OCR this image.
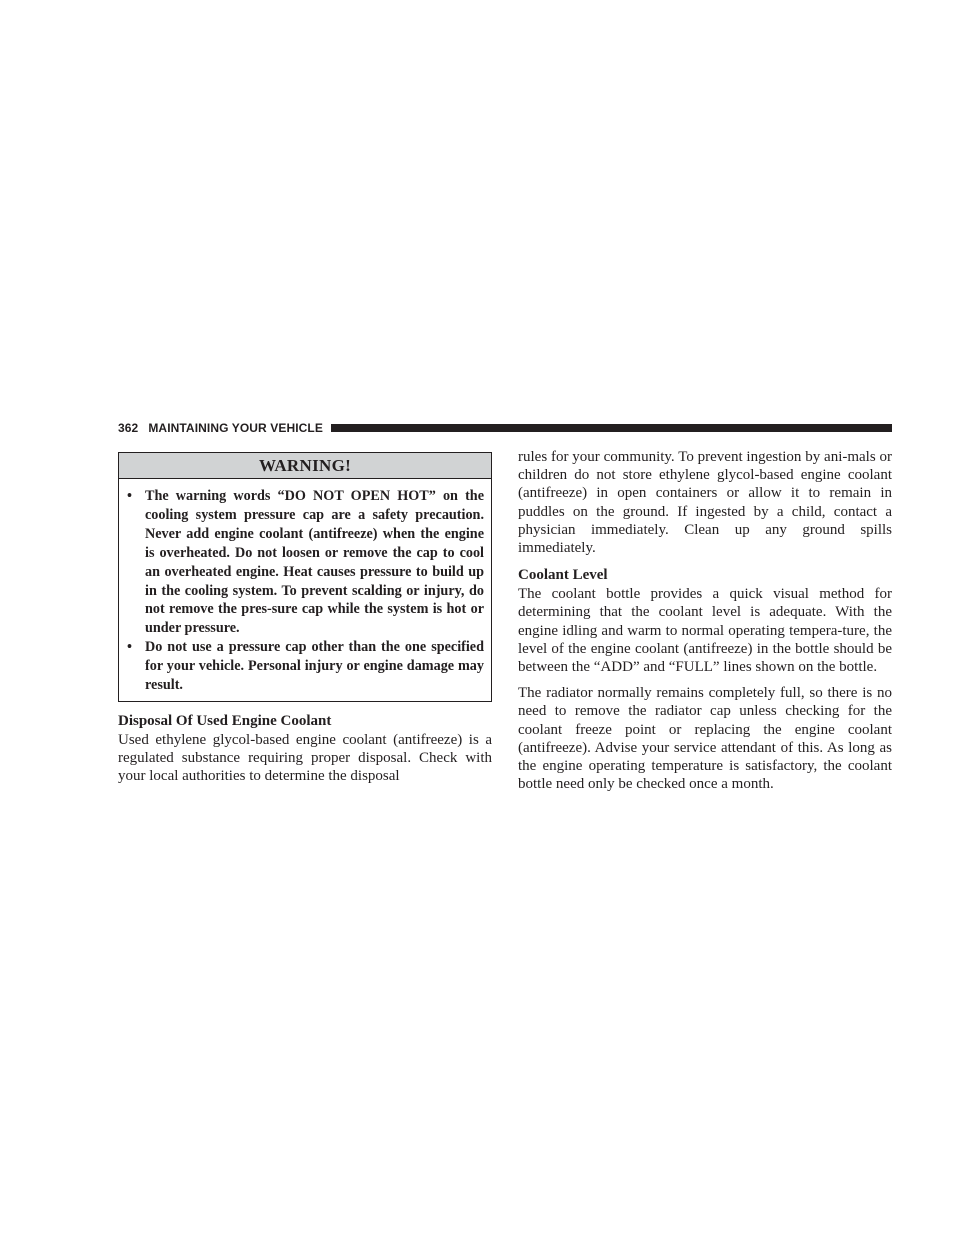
362 MAINTAINING YOUR VEHICLE
WARNING!
• The warning words “DO NOT OPEN HOT” on the cooling system pressure cap are a safety precaution. Never add engine coolant (antifreeze) when the engine is overheated. Do not loosen or remove the cap to cool an overheated engine. Heat causes pressure to build up in the cooling system. To prevent scalding or injury, do not remove the pres-sure cap while the system is hot or under pressure.
• Do not use a pressure cap other than the one specified for your vehicle. Personal injury or engine damage may result.
Disposal Of Used Engine Coolant

Used ethylene glycol-based engine coolant (antifreeze) is a regulated substance requiring proper disposal. Check with your local authorities to determine the disposal

rules for your community. To prevent ingestion by ani-mals or children do not store ethylene glycol-based engine coolant (antifreeze) in open containers or allow it to remain in puddles on the ground. If ingested by a child, contact a physician immediately. Clean up any ground spills immediately.

Coolant Level

The coolant bottle provides a quick visual method for determining that the coolant level is adequate. With the engine idling and warm to normal operating tempera-ture, the level of the engine coolant (antifreeze) in the bottle should be between the “ADD” and “FULL” lines shown on the bottle.

The radiator normally remains completely full, so there is no need to remove the radiator cap unless checking for the coolant freeze point or replacing the engine coolant (antifreeze). Advise your service attendant of this. As long as the engine operating temperature is satisfactory, the coolant bottle need only be checked once a month.
